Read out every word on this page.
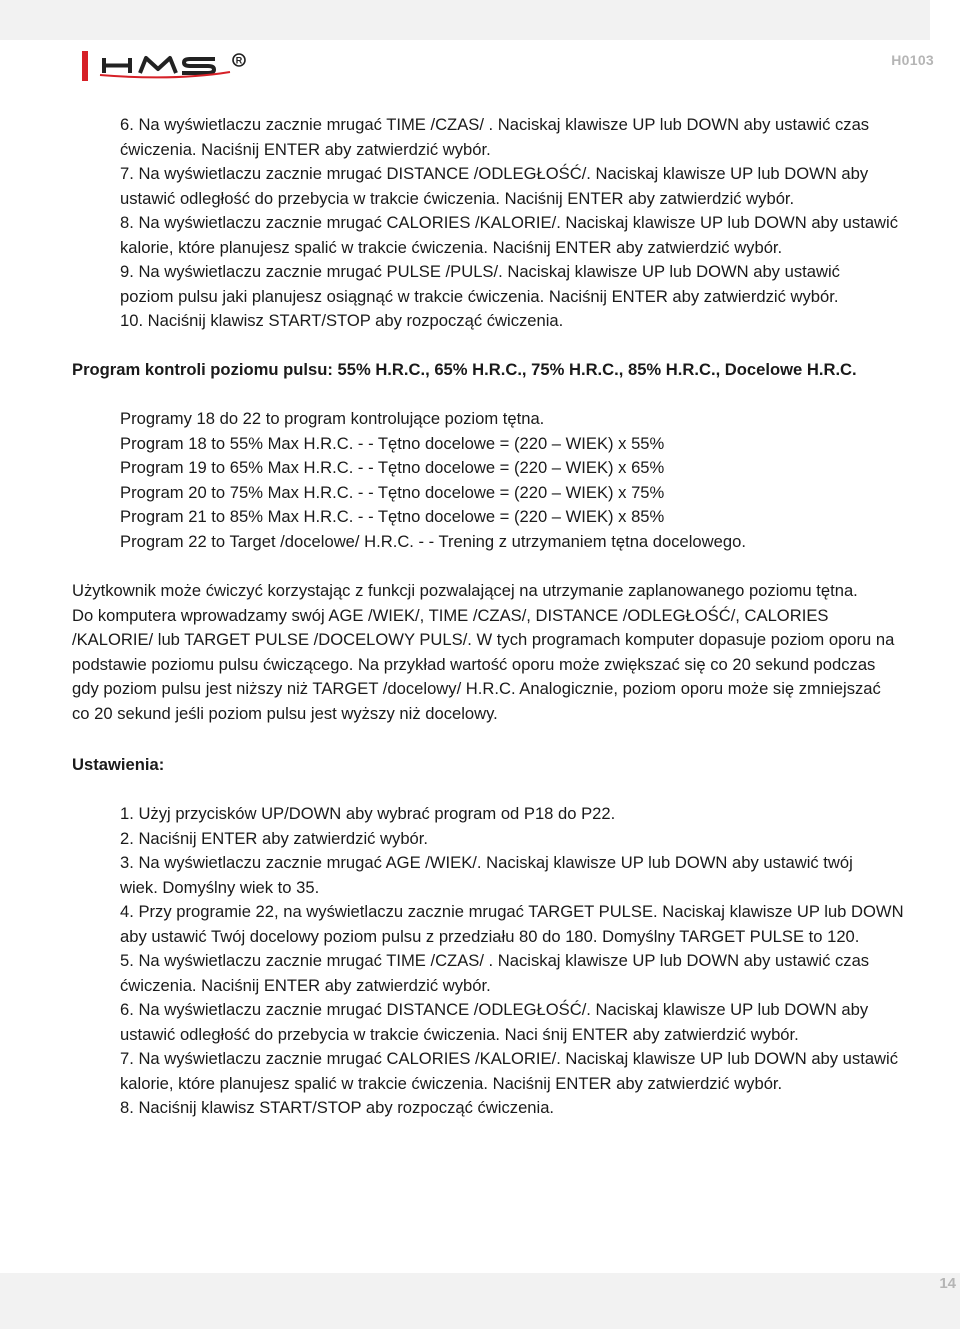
R	H0103
6. Na wyświetlaczu zacznie mrugać TIME /CZAS/ . Naciskaj klawisze UP lub DOWN aby ustawić czas
ćwiczenia. Naciśnij ENTER aby zatwierdzić wybór.
7. Na wyświetlaczu zacznie mrugać DISTANCE /ODLEGŁOŚĆ/. Naciskaj klawisze UP lub DOWN aby
ustawić odległość do przebycia w trakcie ćwiczenia. Naciśnij ENTER aby zatwierdzić wybór.
8. Na wyświetlaczu zacznie mrugać CALORIES /KALORIE/. Naciskaj klawisze UP lub DOWN aby ustawić
kalorie, które planujesz spalić w trakcie ćwiczenia. Naciśnij ENTER aby zatwierdzić wybór.
9. Na wyświetlaczu zacznie mrugać PULSE /PULS/. Naciskaj klawisze UP lub DOWN aby ustawić
poziom pulsu jaki planujesz osiągnąć w trakcie ćwiczenia. Naciśnij ENTER aby zatwierdzić wybór.
10. Naciśnij klawisz START/STOP aby rozpocząć ćwiczenia.
Program kontroli poziomu pulsu: 55% H.R.C., 65% H.R.C., 75% H.R.C., 85% H.R.C., Docelowe H.R.C.
Programy 18 do 22 to program kontrolujące poziom tętna.
Program 18 to 55% Max H.R.C. - - Tętno docelowe = (220 – WIEK) x 55%
Program 19 to 65% Max H.R.C. - - Tętno docelowe = (220 – WIEK) x 65%
Program 20 to 75% Max H.R.C. - - Tętno docelowe = (220 – WIEK) x 75%
Program 21 to 85% Max H.R.C. - - Tętno docelowe = (220 – WIEK) x 85%
Program 22 to Target /docelowe/ H.R.C. - - Trening z utrzymaniem tętna docelowego.
Użytkownik może ćwiczyć korzystając z funkcji pozwalającej na utrzymanie zaplanowanego poziomu tętna.
Do komputera wprowadzamy swój AGE /WIEK/, TIME /CZAS/, DISTANCE /ODLEGŁOŚĆ/, CALORIES
/KALORIE/ lub TARGET PULSE /DOCELOWY PULS/. W tych programach komputer dopasuje poziom oporu na
podstawie poziomu pulsu ćwiczącego. Na przykład wartość oporu może zwiększać się co 20 sekund podczas
gdy poziom pulsu jest niższy niż TARGET /docelowy/ H.R.C. Analogicznie, poziom oporu może się zmniejszać
co 20 sekund jeśli poziom pulsu jest wyższy niż docelowy.
Ustawienia:
1. Użyj przycisków UP/DOWN aby wybrać program od P18 do P22.
2. Naciśnij ENTER aby zatwierdzić wybór.
3. Na wyświetlaczu zacznie mrugać AGE /WIEK/. Naciskaj klawisze UP lub DOWN aby ustawić twój
wiek. Domyślny wiek to 35.
4. Przy programie 22, na wyświetlaczu zacznie mrugać TARGET PULSE. Naciskaj klawisze UP lub DOWN
aby ustawić Twój docelowy poziom pulsu z przedziału 80 do 180. Domyślny TARGET PULSE to 120.
5. Na wyświetlaczu zacznie mrugać TIME /CZAS/ . Naciskaj klawisze UP lub DOWN aby ustawić czas
ćwiczenia. Naciśnij ENTER aby zatwierdzić wybór.
6. Na wyświetlaczu zacznie mrugać DISTANCE /ODLEGŁOŚĆ/. Naciskaj klawisze UP lub DOWN aby
ustawić odległość do przebycia w trakcie ćwiczenia. Naci śnij ENTER aby zatwierdzić wybór.
7. Na wyświetlaczu zacznie mrugać CALORIES /KALORIE/. Naciskaj klawisze UP lub DOWN aby ustawić
kalorie, które planujesz spalić w trakcie ćwiczenia. Naciśnij ENTER aby zatwierdzić wybór.
8. Naciśnij klawisz START/STOP aby rozpocząć ćwiczenia.
14
